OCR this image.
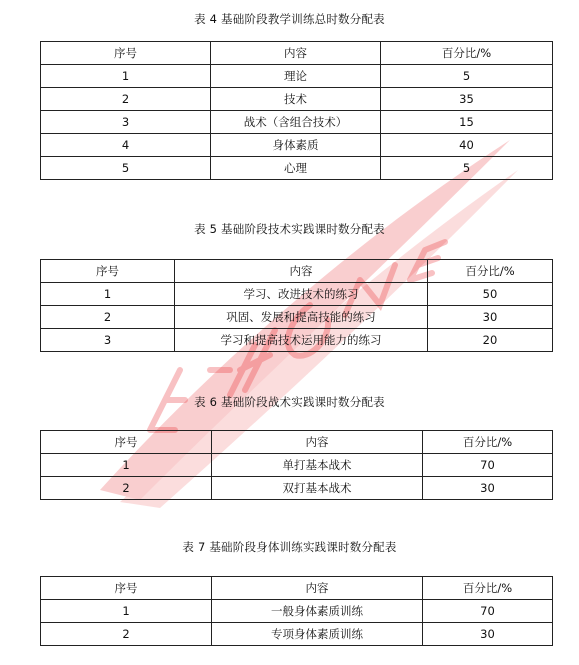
表 4 基础阶段教学训练总时数分配表
序号	内容	百分比/%
1	理论	5
2	技术	35
3	战术（含组合技术）	15
4	身体素质	40
5	心理	5
表 5 基础阶段技术实践课时数分配表
序号	内容	百分比/%
1	学习、改进技术的练习	50
2	巩固、发展和提高技能的练习	30
3	学习和提高技术运用能力的练习	20
表 6 基础阶段战术实践课时数分配表
序号	内容	百分比/%
1	单打基本战术	70
2	双打基本战术	30
表 7 基础阶段身体训练实践课时数分配表
序号	内容	百分比/%
1	一般身体素质训练	70
2	专项身体素质训练	30
